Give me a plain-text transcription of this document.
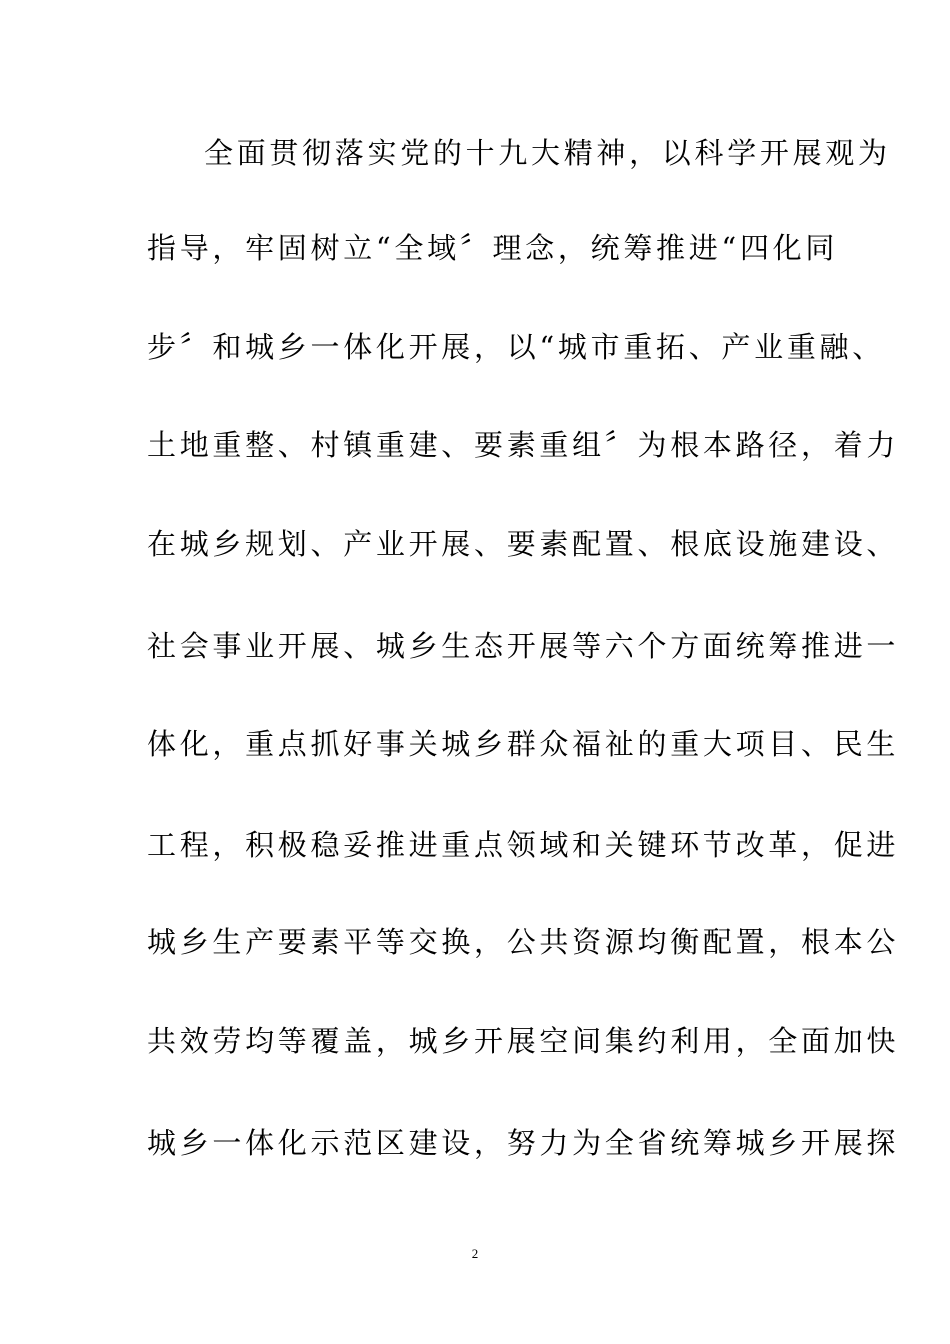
全面贯彻落实党的十九大精神，以科学开展观为
指导，牢固树立“全域〞理念，统筹推进“四化同
步〞和城乡一体化开展，以“城市重拓、产业重融、
土地重整、村镇重建、要素重组〞为根本路径，着力
在城乡规划、产业开展、要素配置、根底设施建设、
社会事业开展、城乡生态开展等六个方面统筹推进一
体化，重点抓好事关城乡群众福祉的重大项目、民生
工程，积极稳妥推进重点领域和关键环节改革，促进
城乡生产要素平等交换，公共资源均衡配置，根本公
共效劳均等覆盖，城乡开展空间集约利用，全面加快
城乡一体化示范区建设，努力为全省统筹城乡开展探
2
